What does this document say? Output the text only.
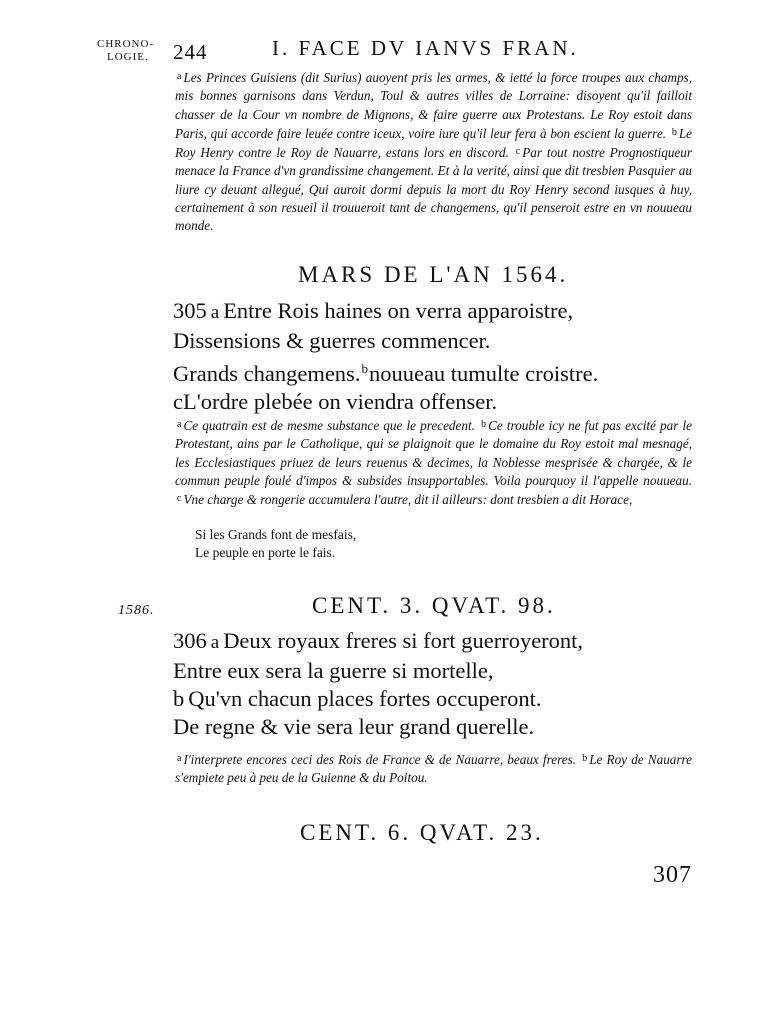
CHRONO-
LOGIE. 244	I. FACE DV IANVS FRAN.

$^a$ Les Princes Guisiens (dit Surius) auoyent pris les armes, & ietté la force troupes aux champs, mis bonnes garnisons dans Verdun, Toul & autres villes de Lorraine: disoyent qu'il failloit chasser de la Cour vn nombre de Mignons, & faire guerre aux Protestans. Le Roy estoit dans Paris, qui accorde faire leuée contre iceux, voire iure qu'il leur fera à bon escient la guerre. $^b$ Le Roy Henry contre le Roy de Nauarre, estans lors en discord. $^c$ Par tout nostre Prognostiqueur menace la France d'vn grandissime changement. Et à la verité, ainsi que dit tresbien Pasquier au liure cy deuant allegué, Qui auroit dormi depuis la mort du Roy Henry second iusques à huy, certainement à son resueil il trouueroit tant de changemens, qu'il penseroit estre en vn nouueau monde.

MARS DE L'AN 1564.
305 a Entre Rois haines on verra apparoistre,
Dissensions & guerres commencer.
Grands changemens.$^b$nouueau tumulte croistre.
cL'ordre plebée on viendra offenser.

$^a$ Ce quatrain est de mesme substance que le precedent. $^b$ Ce trouble icy ne fut pas excité par le Protestant, ains par le Catholique, qui se plaignoit que le domaine du Roy estoit mal mesnagé, les Ecclesiastiques priuez de leurs reuenus & decimes, la Noblesse mesprisée & chargée, & le commun peuple foulé d'impos & subsides insupportables. Voila pourquoy il l'appelle nouueau. $^c$ Vne charge & rongerie accumulera l'autre, dit il ailleurs: dont tresbien a dit Horace,

Si les Grands font de mesfais,
Le peuple en porte le fais.
1586.	CENT. 3. QVAT. 98.
306 a Deux royaux freres si fort guerroyeront,
Entre eux sera la guerre si mortelle,
b Qu'vn chacun places fortes occuperont.
De regne & vie sera leur grand querelle.

$^a$ I'interprete encores ceci des Rois de France & de Nauarre, beaux freres. $^b$ Le Roy de Nauarre s'empiete peu à peu de la Guienne & du Poitou.

CENT. 6. QVAT. 23.
307
